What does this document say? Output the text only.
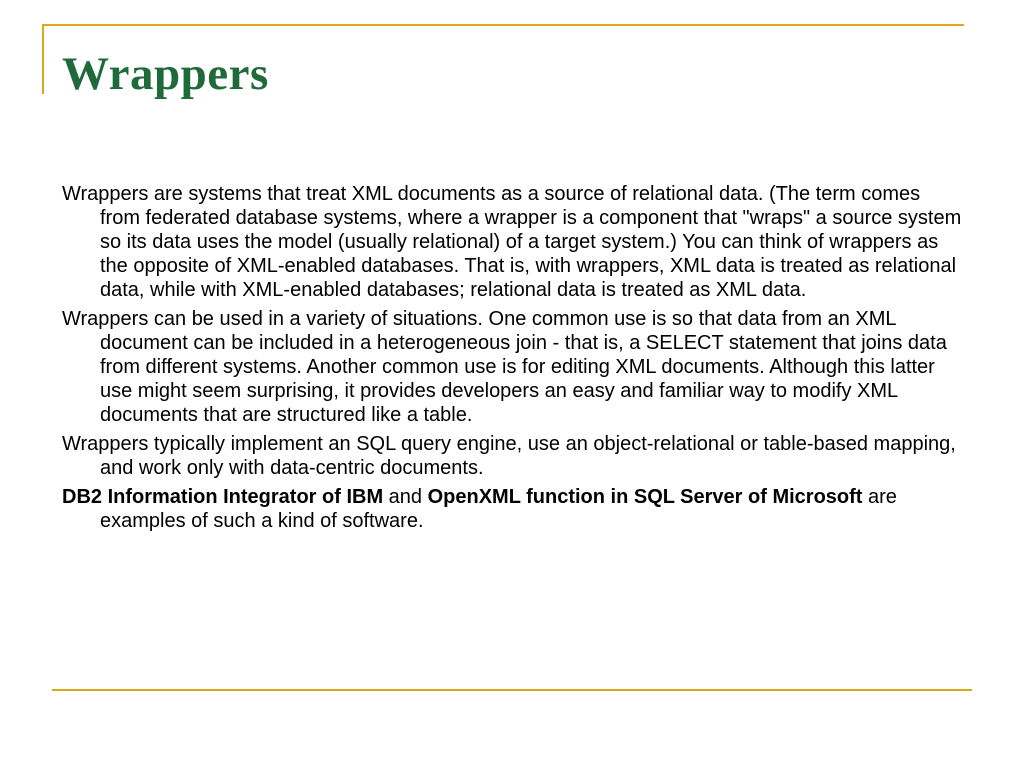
Wrappers

Wrappers are systems that treat XML documents as a source of relational data. (The term comes from federated database systems, where a wrapper is a component that "wraps" a source system so its data uses the model (usually relational) of a target system.) You can think of wrappers as the opposite of XML-enabled databases. That is, with wrappers, XML data is treated as relational data, while with XML-enabled databases; relational data is treated as XML data.

Wrappers can be used in a variety of situations. One common use is so that data from an XML document can be included in a heterogeneous join - that is, a SELECT statement that joins data from different systems. Another common use is for editing XML documents. Although this latter use might seem surprising, it provides developers an easy and familiar way to modify XML documents that are structured like a table.

Wrappers typically implement an SQL query engine, use an object-relational or table-based mapping, and work only with data-centric documents.

DB2 Information Integrator of IBM and OpenXML function in SQL Server of Microsoft are examples of such a kind of software.
